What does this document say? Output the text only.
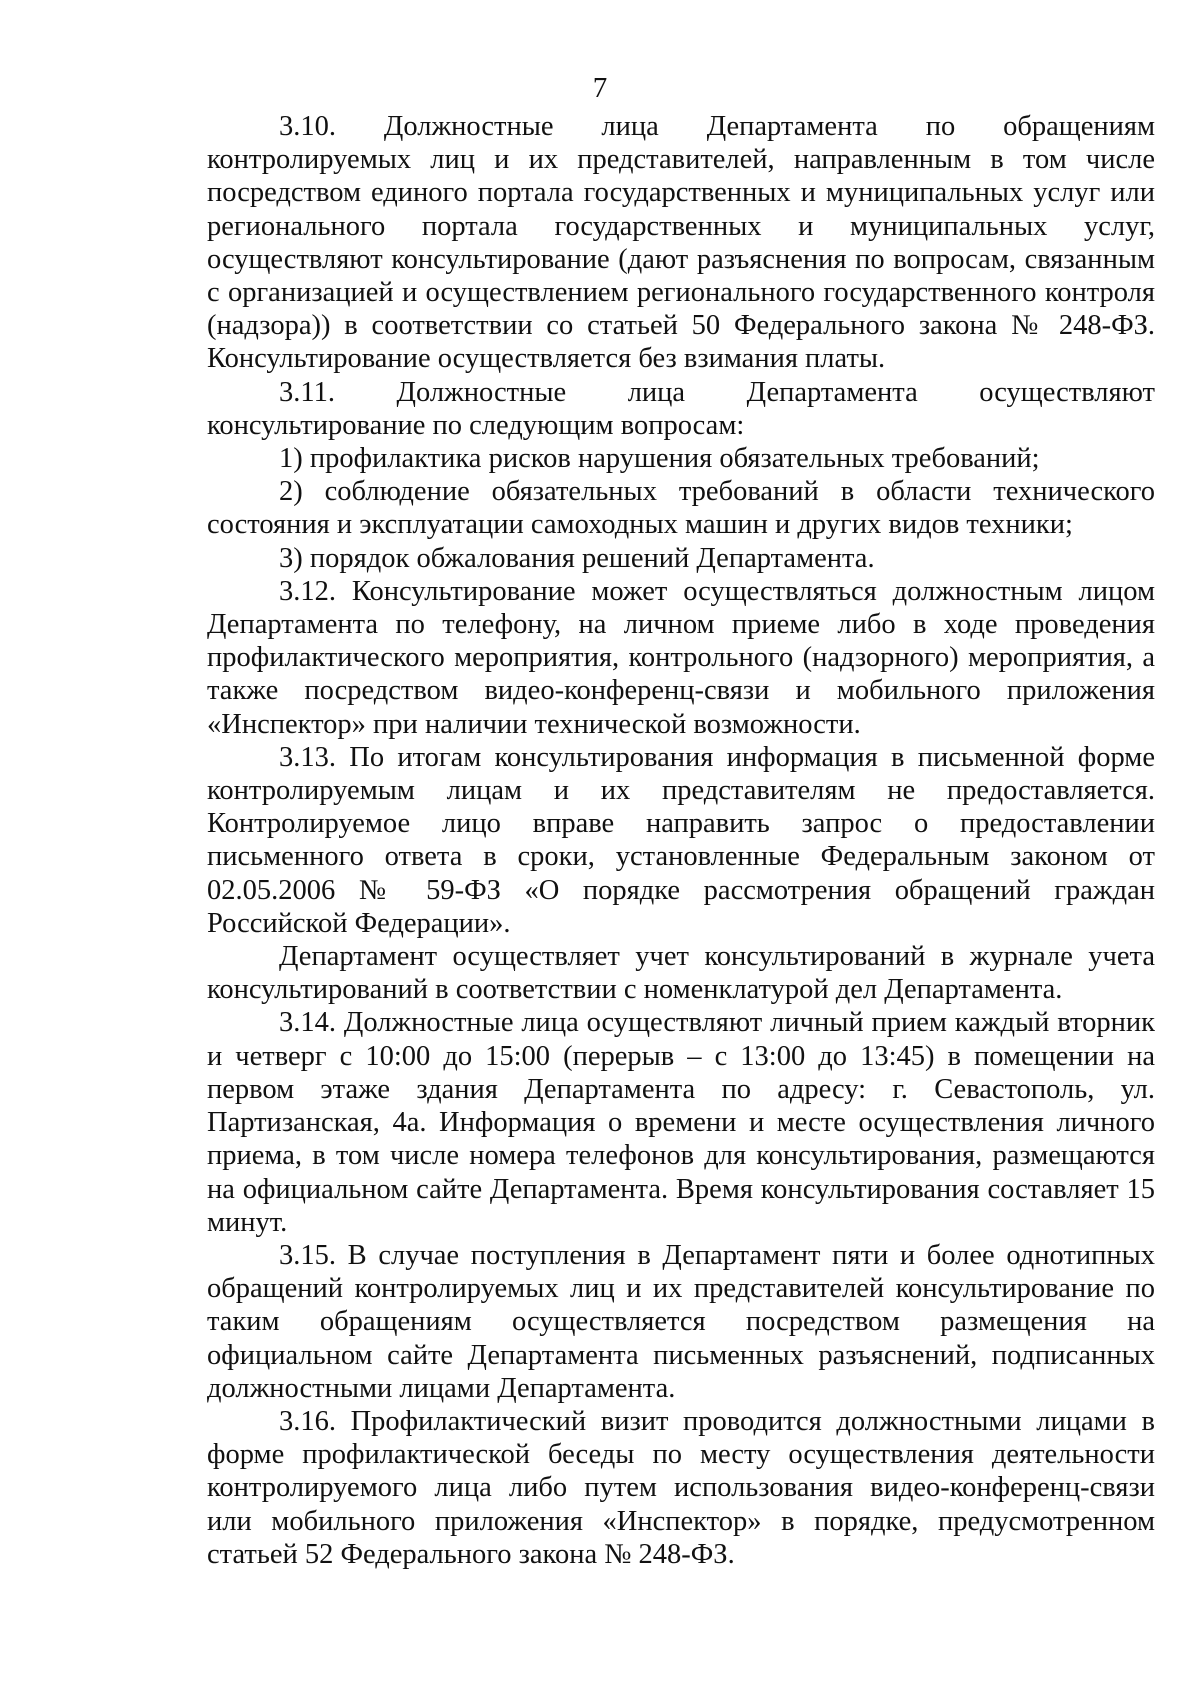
7

3.10. Должностные лица Департамента по обращениям контролируемых лиц и их представителей, направленным в том числе посредством единого портала государственных и муниципальных услуг или регионального портала государственных и муниципальных услуг, осуществляют консультирование (дают разъяснения по вопросам, связанным с организацией и осуществлением регионального государственного контроля (надзора)) в соответствии со статьей 50 Федерального закона № 248-ФЗ. Консультирование осуществляется без взимания платы.

3.11. Должностные лица Департамента осуществляют консультирование по следующим вопросам:

1) профилактика рисков нарушения обязательных требований;

2) соблюдение обязательных требований в области технического состояния и эксплуатации самоходных машин и других видов техники;

3) порядок обжалования решений Департамента.

3.12. Консультирование может осуществляться должностным лицом Департамента по телефону, на личном приеме либо в ходе проведения профилактического мероприятия, контрольного (надзорного) мероприятия, а также посредством видео-конференц-связи и мобильного приложения «Инспектор» при наличии технической возможности.

3.13. По итогам консультирования информация в письменной форме контролируемым лицам и их представителям не предоставляется. Контролируемое лицо вправе направить запрос о предоставлении письменного ответа в сроки, установленные Федеральным законом от 02.05.2006 № 59-ФЗ «О порядке рассмотрения обращений граждан Российской Федерации».

Департамент осуществляет учет консультирований в журнале учета консультирований в соответствии с номенклатурой дел Департамента.

3.14. Должностные лица осуществляют личный прием каждый вторник и четверг с 10:00 до 15:00 (перерыв – с 13:00 до 13:45) в помещении на первом этаже здания Департамента по адресу: г. Севастополь, ул. Партизанская, 4а. Информация о времени и месте осуществления личного приема, в том числе номера телефонов для консультирования, размещаются на официальном сайте Департамента. Время консультирования составляет 15 минут.

3.15. В случае поступления в Департамент пяти и более однотипных обращений контролируемых лиц и их представителей консультирование по таким обращениям осуществляется посредством размещения на официальном сайте Департамента письменных разъяснений, подписанных должностными лицами Департамента.

3.16. Профилактический визит проводится должностными лицами в форме профилактической беседы по месту осуществления деятельности контролируемого лица либо путем использования видео-конференц-связи или мобильного приложения «Инспектор» в порядке, предусмотренном статьей 52 Федерального закона № 248-ФЗ.
